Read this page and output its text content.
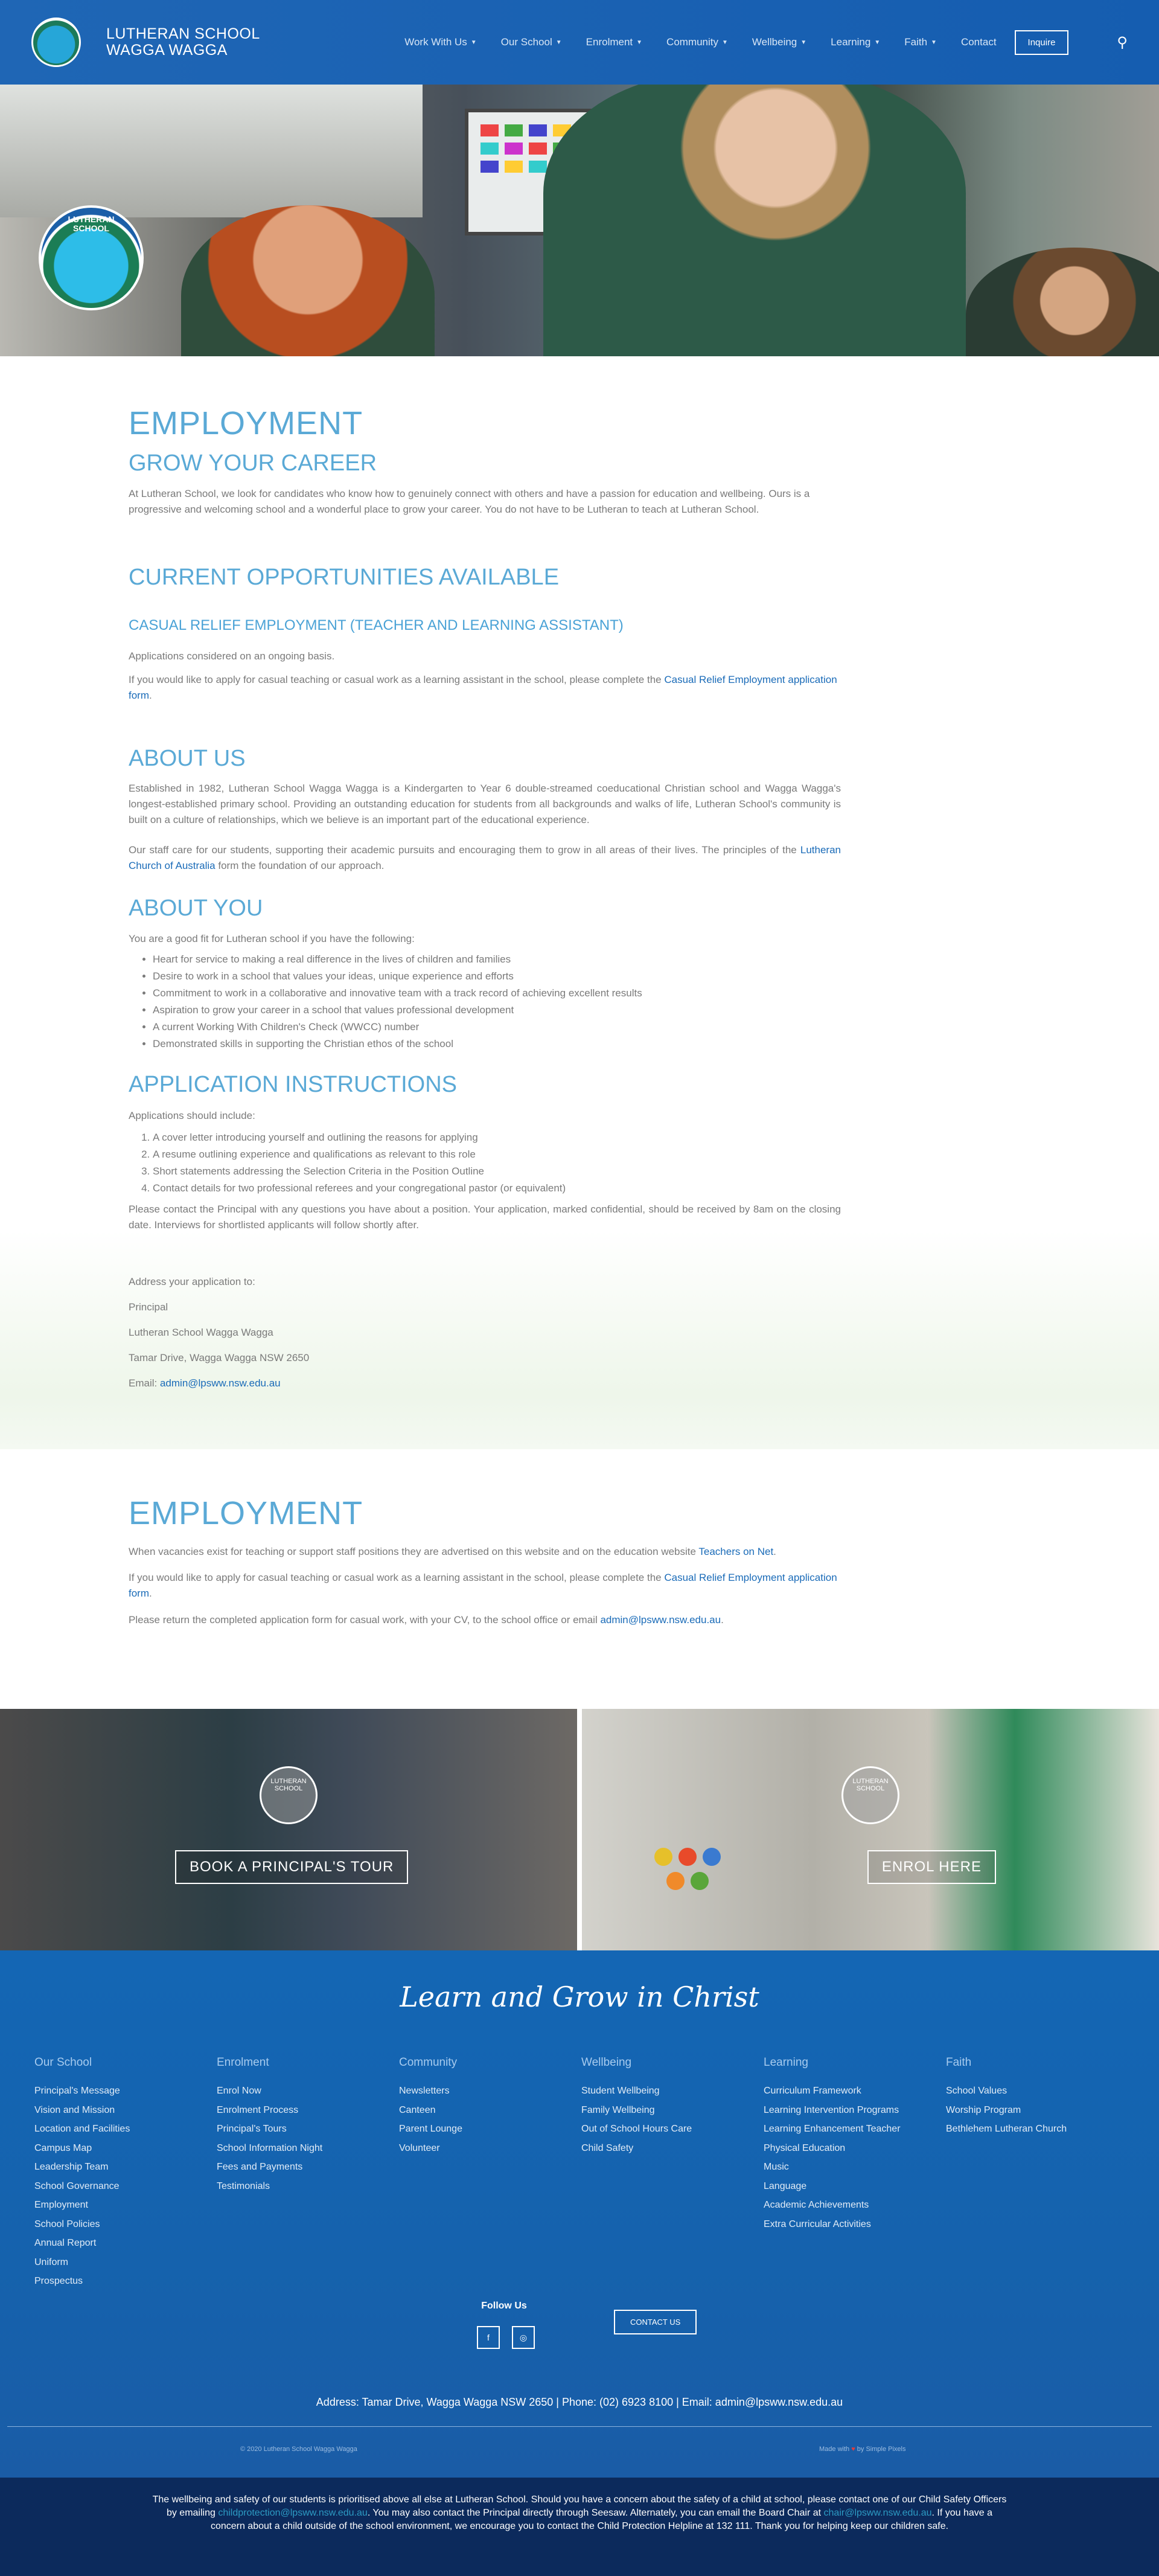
LUTHERAN SCHOOL
WAGGA WAGGA	Work With Us ▼ Our School ▼ Enrolment ▼ Community ▼ Wellbeing ▼ Learning ▼ Faith ▼ Contact	Inquire	⚲
LUTHERAN
SCHOOL
EMPLOYMENT
GROW YOUR CAREER

At Lutheran School, we look for candidates who know how to genuinely connect with others and have a passion for education and wellbeing. Ours is a progressive and welcoming school and a wonderful place to grow your career. You do not have to be Lutheran to teach at Lutheran School.

CURRENT OPPORTUNITIES AVAILABLE
CASUAL RELIEF EMPLOYMENT (TEACHER AND LEARNING ASSISTANT)

Applications considered on an ongoing basis.

If you would like to apply for casual teaching or casual work as a learning assistant in the school, please complete the Casual Relief Employment application form.

ABOUT US

Established in 1982, Lutheran School Wagga Wagga is a Kindergarten to Year 6 double-streamed coeducational Christian school and Wagga Wagga's longest-established primary school. Providing an outstanding education for students from all backgrounds and walks of life, Lutheran School's community is built on a culture of relationships, which we believe is an important part of the educational experience.

Our staff care for our students, supporting their academic pursuits and encouraging them to grow in all areas of their lives. The principles of the Lutheran Church of Australia form the foundation of our approach.

ABOUT YOU

You are a good fit for Lutheran school if you have the following:

• Heart for service to making a real difference in the lives of children and families
• Desire to work in a school that values your ideas, unique experience and efforts
• Commitment to work in a collaborative and innovative team with a track record of achieving excellent results
• Aspiration to grow your career in a school that values professional development
• A current Working With Children's Check (WWCC) number
• Demonstrated skills in supporting the Christian ethos of the school
APPLICATION INSTRUCTIONS

Applications should include:

1. A cover letter introducing yourself and outlining the reasons for applying
2. A resume outlining experience and qualifications as relevant to this role
3. Short statements addressing the Selection Criteria in the Position Outline
4. Contact details for two professional referees and your congregational pastor (or equivalent)

Please contact the Principal with any questions you have about a position. Your application, marked confidential, should be received by 8am on the closing date. Interviews for shortlisted applicants will follow shortly after.

Address your application to:

Principal

Lutheran School Wagga Wagga

Tamar Drive, Wagga Wagga NSW 2650

Email: admin@lpsww.nsw.edu.au

EMPLOYMENT

When vacancies exist for teaching or support staff positions they are advertised on this website and on the education website Teachers on Net.

If you would like to apply for casual teaching or casual work as a learning assistant in the school, please complete the Casual Relief Employment application form.

Please return the completed application form for casual work, with your CV, to the school office or email admin@lpsww.nsw.edu.au.

LUTHERAN SCHOOL
BOOK A PRINCIPAL'S TOUR
LUTHERAN SCHOOL
ENROL HERE
Learn and Grow in Christ
Our School
Principal's Message
Vision and Mission
Location and Facilities
Campus Map
Leadership Team
School Governance
Employment
School Policies
Annual Report
Uniform
Prospectus
Enrolment
Enrol Now
Enrolment Process
Principal's Tours
School Information Night
Fees and Payments
Testimonials
Community
Newsletters
Canteen
Parent Lounge
Volunteer
Wellbeing
Student Wellbeing
Family Wellbeing
Out of School Hours Care
Child Safety
Learning
Curriculum Framework
Learning Intervention Programs
Learning Enhancement Teacher
Physical Education
Music
Language
Academic Achievements
Extra Curricular Activities
Faith
School Values
Worship Program
Bethlehem Lutheran Church
Follow Us
f	◎
CONTACT US
Address: Tamar Drive, Wagga Wagga NSW 2650 | Phone: (02) 6923 8100 | Email: admin@lpsww.nsw.edu.au
© 2020 Lutheran School Wagga Wagga	Made with ♥ by Simple Pixels

The wellbeing and safety of our students is prioritised above all else at Lutheran School. Should you have a concern about the safety of a child at school, please contact one of our Child Safety Officers by emailing childprotection@lpsww.nsw.edu.au. You may also contact the Principal directly through Seesaw. Alternately, you can email the Board Chair at chair@lpsww.nsw.edu.au. If you have a concern about a child outside of the school environment, we encourage you to contact the Child Protection Helpline at 132 111. Thank you for helping keep our children safe.
